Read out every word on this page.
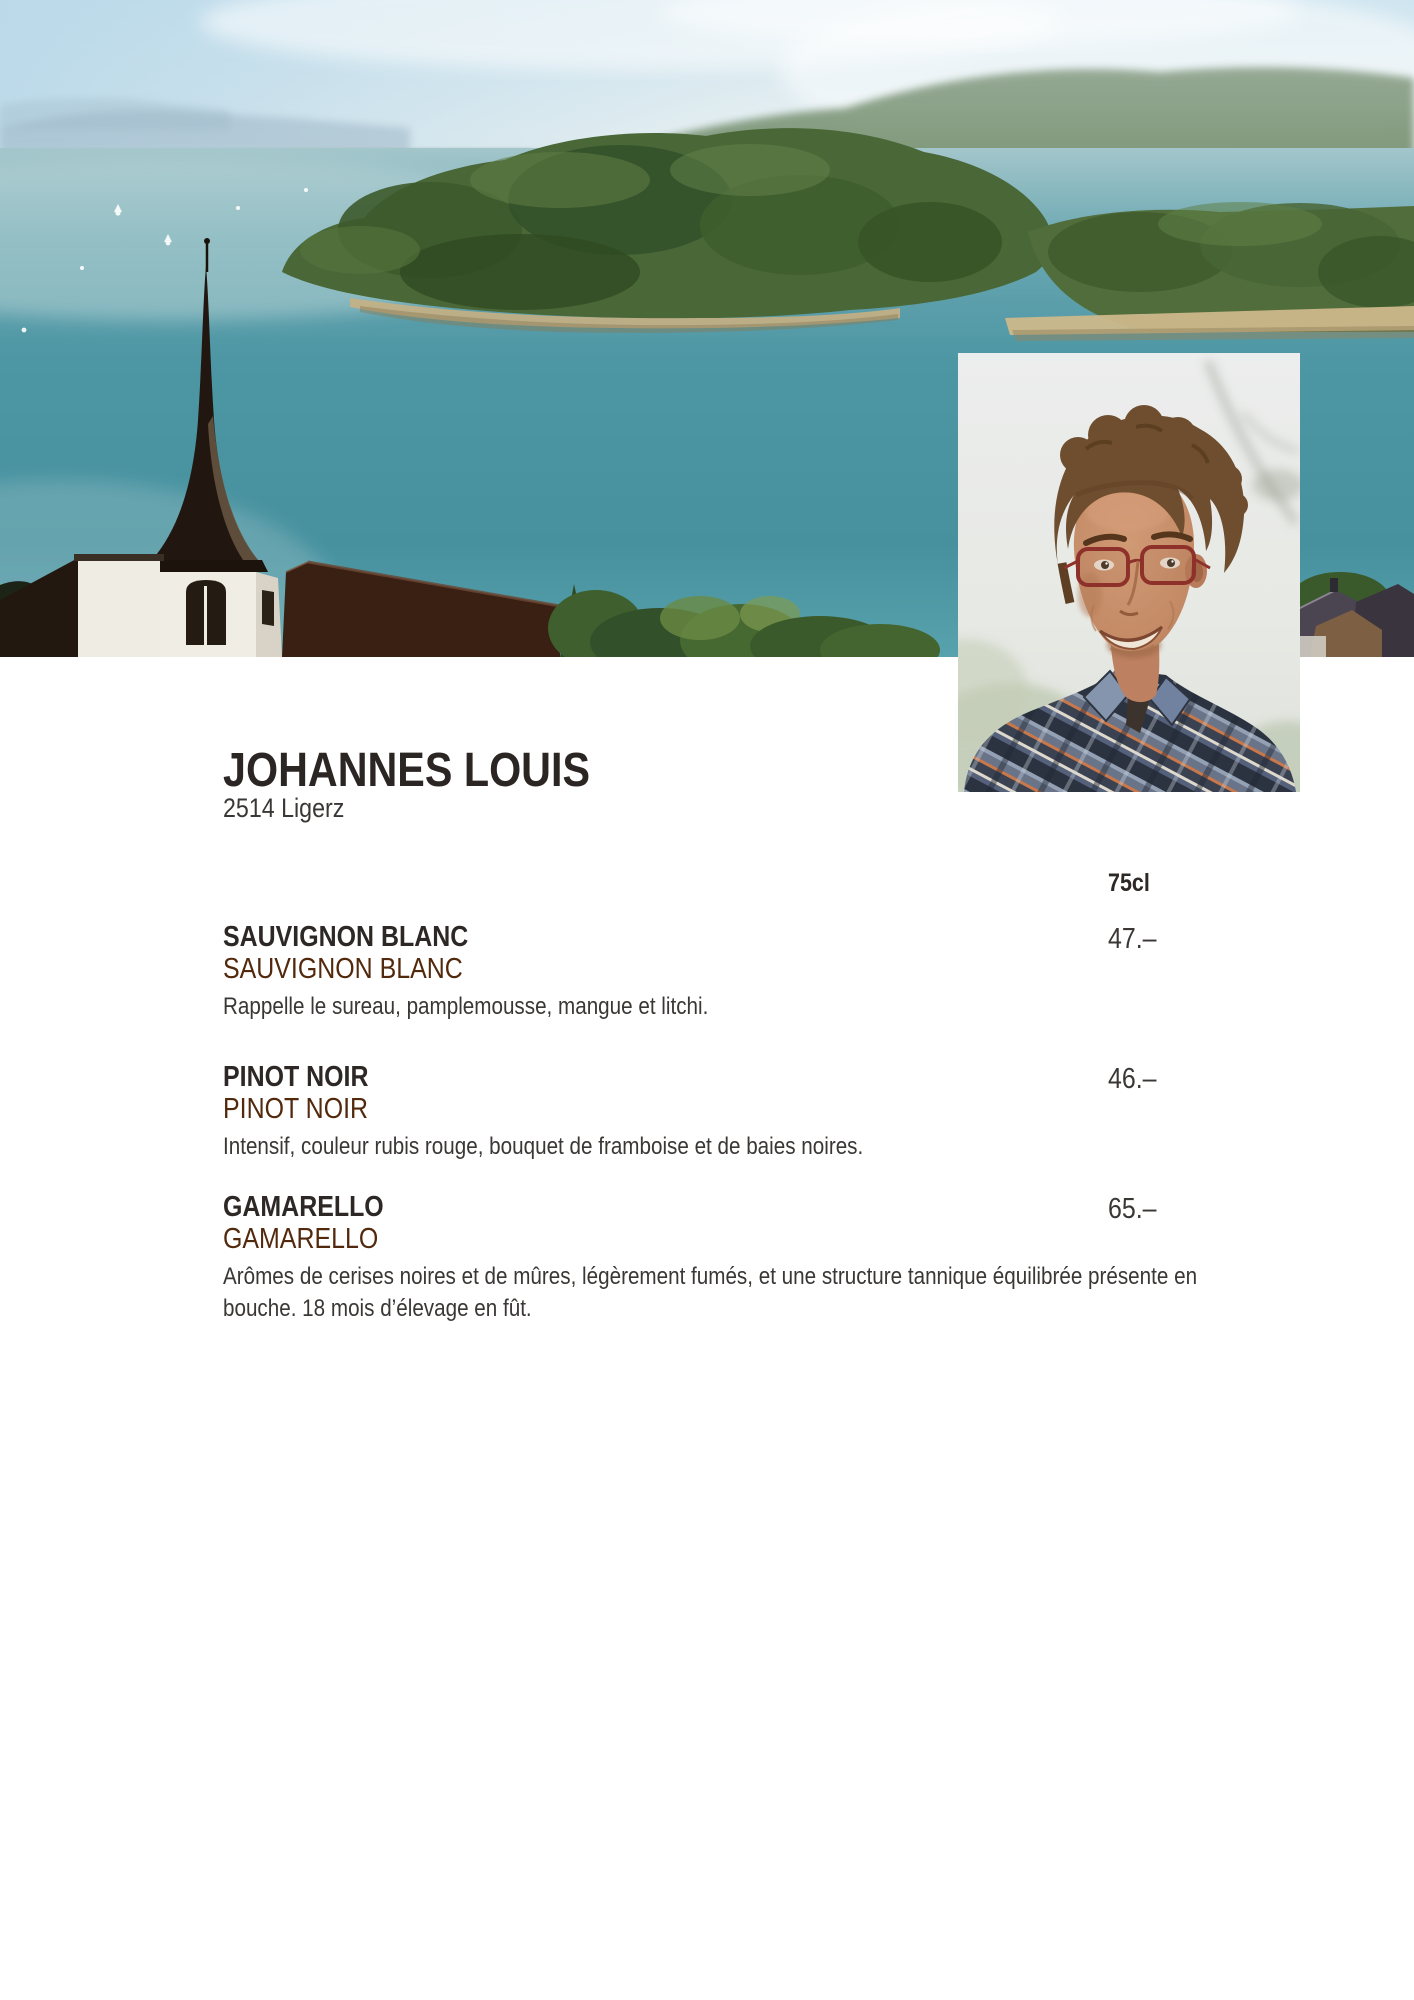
JOHANNES LOUIS
2514 Ligerz
75cl
SAUVIGNON BLANC
SAUVIGNON BLANC
Rappelle le sureau, pamplemousse, mangue et litchi.
47.–
PINOT NOIR
PINOT NOIR
Intensif, couleur rubis rouge, bouquet de framboise et de baies noires.
46.–
GAMARELLO
GAMARELLO
Arômes de cerises noires et de mûres, légèrement fumés, et une structure tannique équilibrée présente en bouche. 18 mois d’élevage en fût.
65.–
